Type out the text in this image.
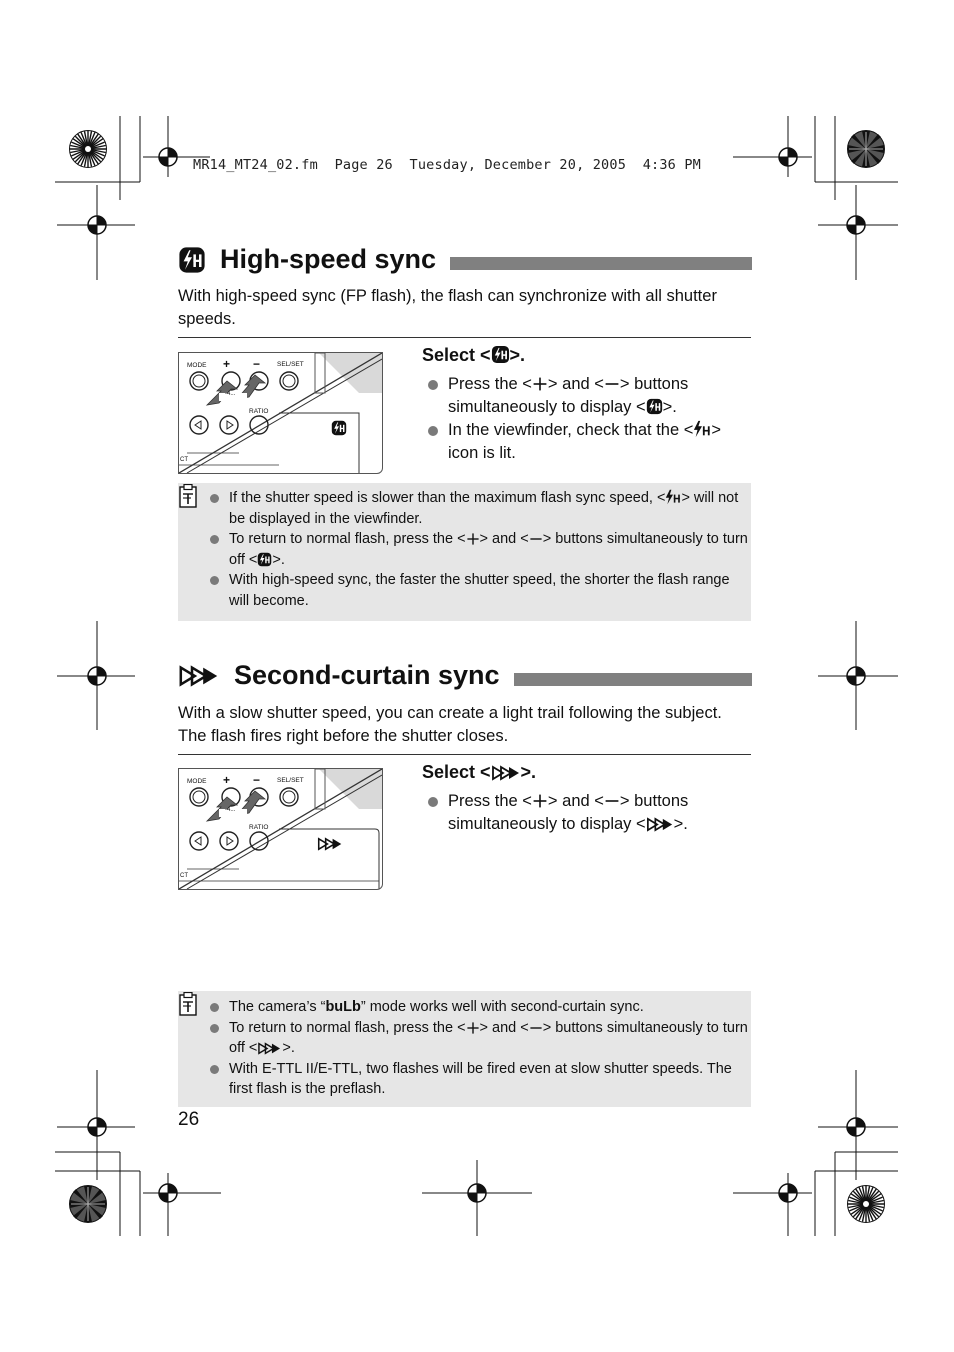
MR14_MT24_02.fm  Page 26  Tuesday, December 20, 2005  4:36 PM
High-speed sync
With high-speed sync (FP flash), the flash can synchronize with all shutter speeds.
MODE + −	SEL/SET
RATIO
-4...
CT
Select < >.
Press the < > and < > buttons simultaneously to display < >.
In the viewfinder, check that the < > icon is lit.
If the shutter speed is slower than the maximum flash sync speed, < > will not be displayed in the viewfinder.
To return to normal flash, press the < > and < > buttons simultaneously to turn off < >.
With high-speed sync, the faster the shutter speed, the shorter the flash range will become.
Second-curtain sync
With a slow shutter speed, you can create a light trail following the subject. The flash fires right before the shutter closes.
MODE + −	SEL/SET
RATIO
-4...
CT
Select < >.
Press the < > and < > buttons simultaneously to display < >.
The camera’s “buLb” mode works well with second-curtain sync.
To return to normal flash, press the < > and < > buttons simultaneously to turn off < >.
With E-TTL II/E-TTL, two flashes will be fired even at slow shutter speeds. The first flash is the preflash.
26
